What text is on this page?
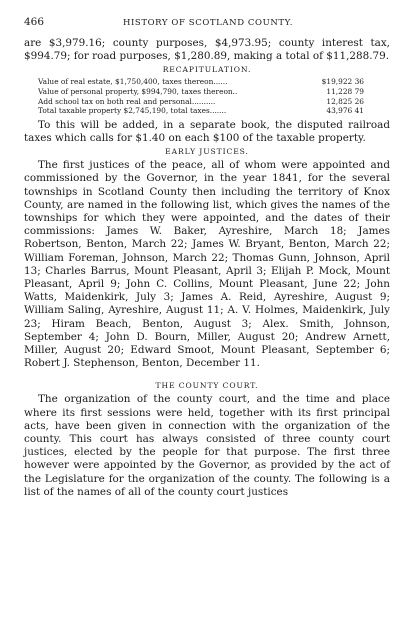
466	HISTORY OF SCOTLAND COUNTY.

are $3,979.16; county purposes, $4,973.95; county interest tax, $994.79; for road purposes, $1,280.89, making a total of $11,288.79.

RECAPITULATION.
Value of real estate, $1,750,400, taxes thereon......	$19,922 36
Value of personal property, $994,790, taxes thereon..	11,228 79
Add school tax on both real and personal..........	12,825 26
Total taxable property $2,745,190, total taxes.......	43,976 41

To this will be added, in a separate book, the disputed railroad taxes which calls for $1.40 on each $100 of the taxable property.

EARLY JUSTICES.

The first justices of the peace, all of whom were appointed and commissioned by the Governor, in the year 1841, for the several townships in Scotland County then including the territory of Knox County, are named in the following list, which gives the names of the townships for which they were appointed, and the dates of their commissions: James W. Baker, Ayreshire, March 18; James Robertson, Benton, March 22; James W. Bryant, Benton, March 22; William Foreman, Johnson, March 22; Thomas Gunn, Johnson, April 13; Charles Barrus, Mount Pleasant, April 3; Elijah P. Mock, Mount Pleasant, April 9; John C. Collins, Mount Pleasant, June 22; John Watts, Maidenkirk, July 3; James A. Reid, Ayreshire, August 9; William Saling, Ayreshire, August 11; A. V. Holmes, Maidenkirk, July 23; Hiram Beach, Benton, August 3; Alex. Smith, Johnson, September 4; John D. Bourn, Miller, August 20; Andrew Arnett, Miller, August 20; Edward Smoot, Mount Pleasant, September 6; Robert J. Stephenson, Benton, December 11.

THE COUNTY COURT.

The organization of the county court, and the time and place where its first sessions were held, together with its first principal acts, have been given in connection with the organization of the county. This court has always consisted of three county court justices, elected by the people for that purpose. The first three however were appointed by the Governor, as provided by the act of the Legislature for the organization of the county. The following is a list of the names of all of the county court justices
